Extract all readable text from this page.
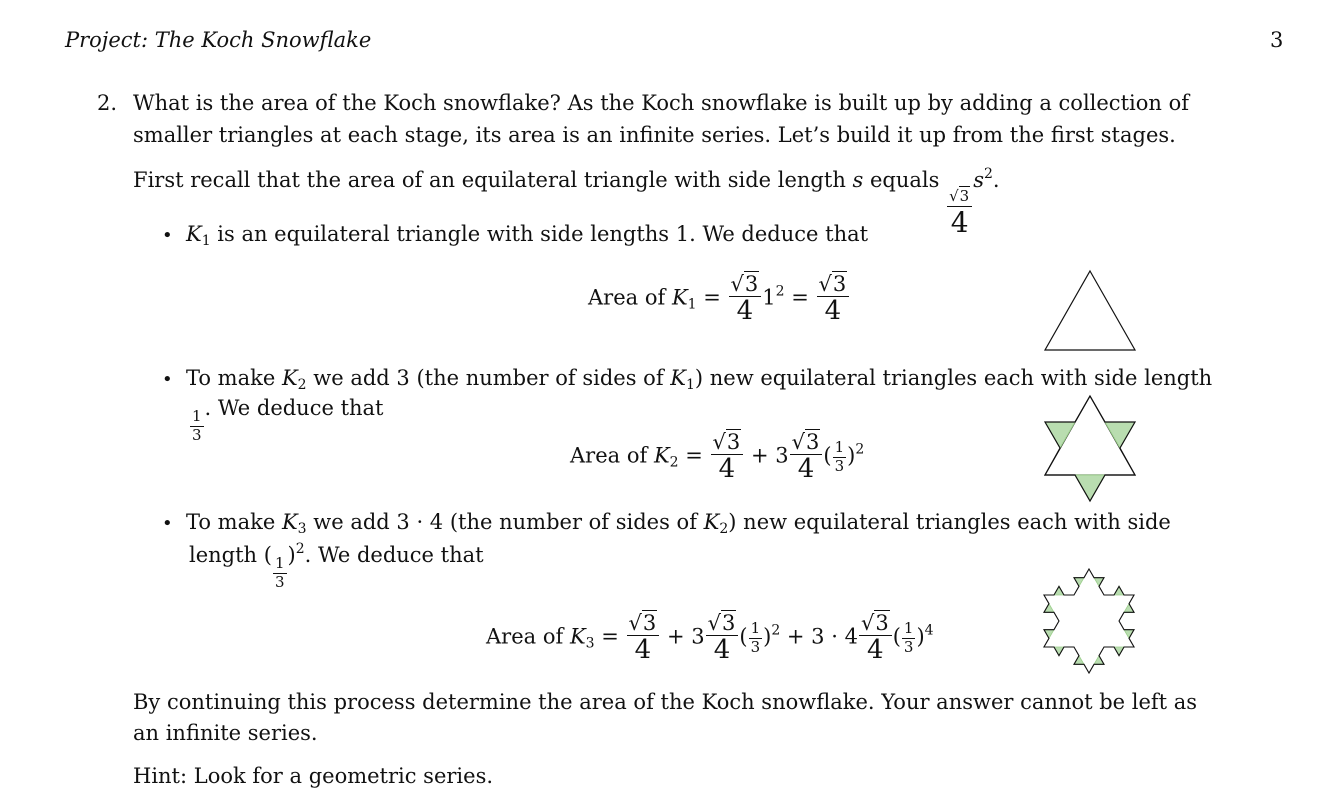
Project: The Koch Snowflake	3
2. What is the area of the Koch snowflake? As the Koch snowflake is built up by adding a collection of
smaller triangles at each stage, its area is an infinite series. Let’s build it up from the first stages.
First recall that the area of an equilateral triangle with side length s equals
$\frac{√3}{4}$
$s^2$.
• $K_1$ is an equilateral triangle with side lengths 1. We deduce that
Area of $K_1 = \frac{√3}{4} 1^2 = \frac{√3}{4}$
• To make $K_2$ we add 3 (the number of sides of $K_1$) new equilateral triangles each with side length
$\frac{1}{3}$
. We deduce that
Area of $K_2 = \frac{√3}{4} + 3 \frac{√3}{4}$ ( $\frac{1}{3} )^2$
• To make $K_3$ we add 3 · 4 (the number of sides of $K_2$) new equilateral triangles each with side
length (
$\frac{1}{3}$
)$^2$. We deduce that
Area of $K_3 = \frac{√3}{4} + 3 \frac{√3}{4}$ ( $\frac{1}{3} )^2 + 3 \cdot 4 \frac{√3}{4}$ ( $\frac{1}{3} )^4$
By continuing this process determine the area of the Koch snowflake. Your answer cannot be left as
an infinite series.
Hint: Look for a geometric series.
